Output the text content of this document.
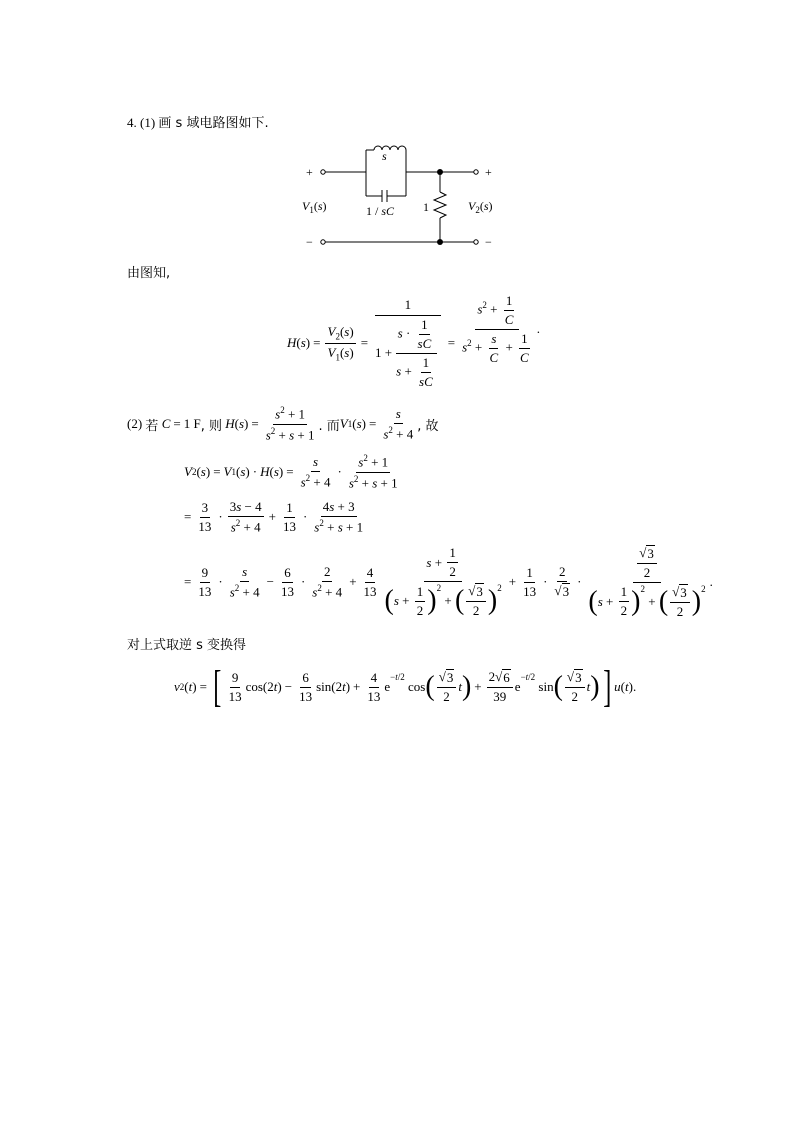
4. (1) 画 s 域电路图如下.
+
−
+
−
s
1 / sC 1
$V_1(s)$	$V_2(s)$
由图知,
H ( s ) = $\frac{V_2(s)}{V_1(s)} = \frac{1}{1 + \frac{s \cdot \frac{1}{sC}}{s + \frac{1}{sC}}} = \frac{s^2 + \frac{1}{C}}{s^2 + \frac{s}{C} + \frac{1}{C}}$ .
(2)
若
C = 1 F , 则
H ( s ) = $\frac{s^2 + 1}{s^2 + s + 1}$ . 而 V 1 ( s ) = $\frac{s}{s^2 + 4}$ , 故
V 2 ( s ) = V 1 ( s ) · H ( s ) = $\frac{s}{s^2 + 4} \cdot \frac{s^2 + 1}{s^2 + s + 1}$
= $\frac{3}{13} \cdot \frac{3s - 4}{s^2 + 4} + \frac{1}{13} \cdot \frac{4s + 3}{s^2 + s + 1}$
= $\frac{9}{13} \cdot \frac{s}{s^2 + 4} - \frac{6}{13} \cdot \frac{2}{s^2 + 4} + \frac{4}{13}$ $s + \frac{1}{2}$
( $s + \frac{1}{2} )^2$
+ ( $\frac{√ 3}{2} )^2 + \frac{1}{13} \cdot \frac{2}{√ 3} \cdot \frac{√ 3}{2}$
( $s + \frac{1}{2} )^2$
+ ( $\frac{√ 3}{2} )^2$ .
对上式取逆 s 变换得
v 2 ( t ) = [ $\frac{9}{13} \cos(2$ t ) − $\frac{6}{13} \sin(2$ t ) + $\frac{4}{13}$ e
$^{-t/2}$
cos ( $\frac{√ 3}{2}$ t ) + $\frac{2 √ 6}{39}$ e
$^{-t/2}$
sin ( $\frac{√ 3}{2}$ t ) ] u ( t ).
